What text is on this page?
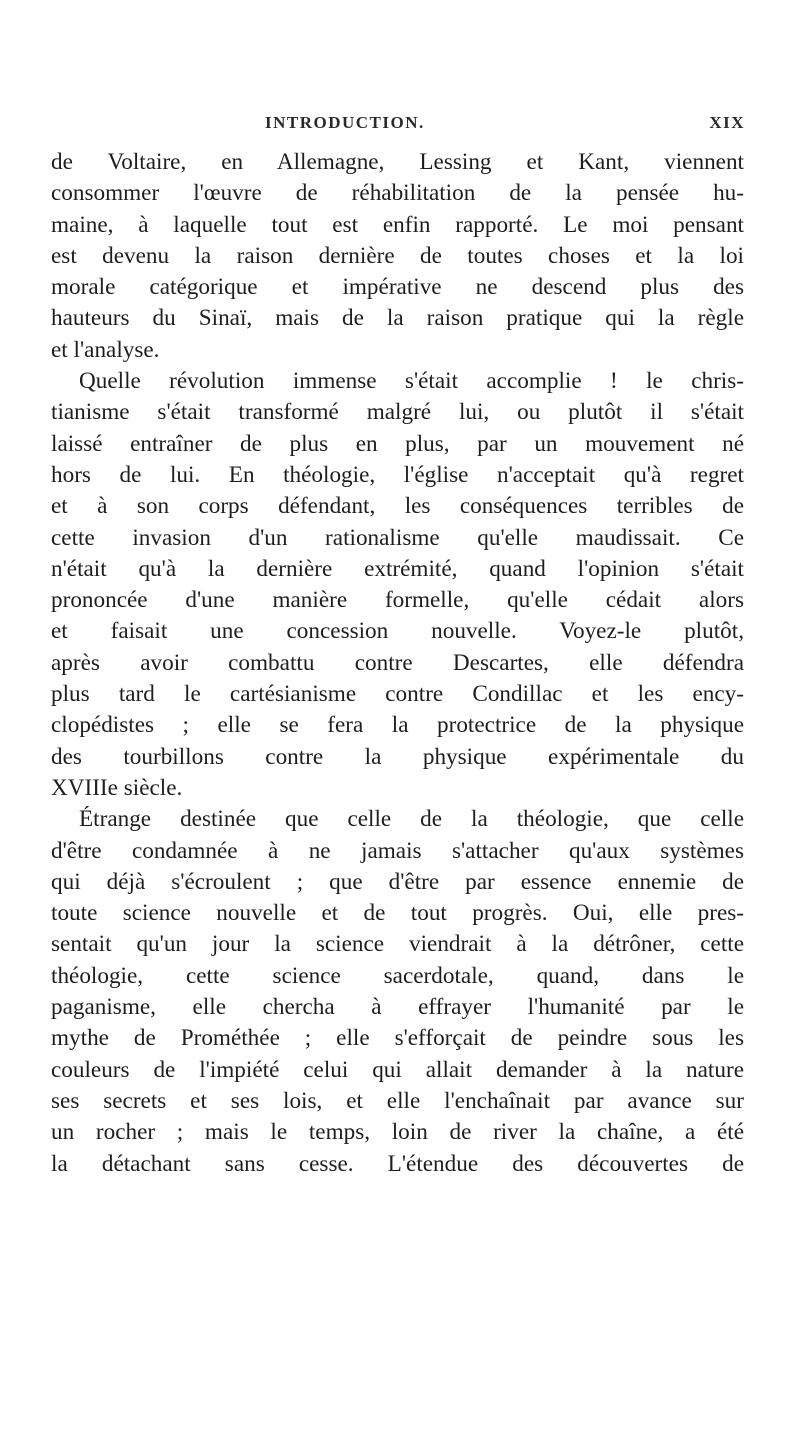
INTRODUCTION.	XIX
de Voltaire, en Allemagne, Lessing et Kant, viennent
consommer l'œuvre de réhabilitation de la pensée hu-
maine, à laquelle tout est enfin rapporté. Le moi pensant
est devenu la raison dernière de toutes choses et la loi
morale catégorique et impérative ne descend plus des
hauteurs du Sinaï, mais de la raison pratique qui la règle
et l'analyse.
Quelle révolution immense s'était accomplie ! le chris-
tianisme s'était transformé malgré lui, ou plutôt il s'était
laissé entraîner de plus en plus, par un mouvement né
hors de lui. En théologie, l'église n'acceptait qu'à regret
et à son corps défendant, les conséquences terribles de
cette invasion d'un rationalisme qu'elle maudissait. Ce
n'était qu'à la dernière extrémité, quand l'opinion s'était
prononcée d'une manière formelle, qu'elle cédait alors
et faisait une concession nouvelle. Voyez-le plutôt,
après avoir combattu contre Descartes, elle défendra
plus tard le cartésianisme contre Condillac et les ency-
clopédistes ; elle se fera la protectrice de la physique
des tourbillons contre la physique expérimentale du
XVIIIe siècle.
Étrange destinée que celle de la théologie, que celle
d'être condamnée à ne jamais s'attacher qu'aux systèmes
qui déjà s'écroulent ; que d'être par essence ennemie de
toute science nouvelle et de tout progrès. Oui, elle pres-
sentait qu'un jour la science viendrait à la détrôner, cette
théologie, cette science sacerdotale, quand, dans le
paganisme, elle chercha à effrayer l'humanité par le
mythe de Prométhée ; elle s'efforçait de peindre sous les
couleurs de l'impiété celui qui allait demander à la nature
ses secrets et ses lois, et elle l'enchaînait par avance sur
un rocher ; mais le temps, loin de river la chaîne, a été
la détachant sans cesse. L'étendue des découvertes de
